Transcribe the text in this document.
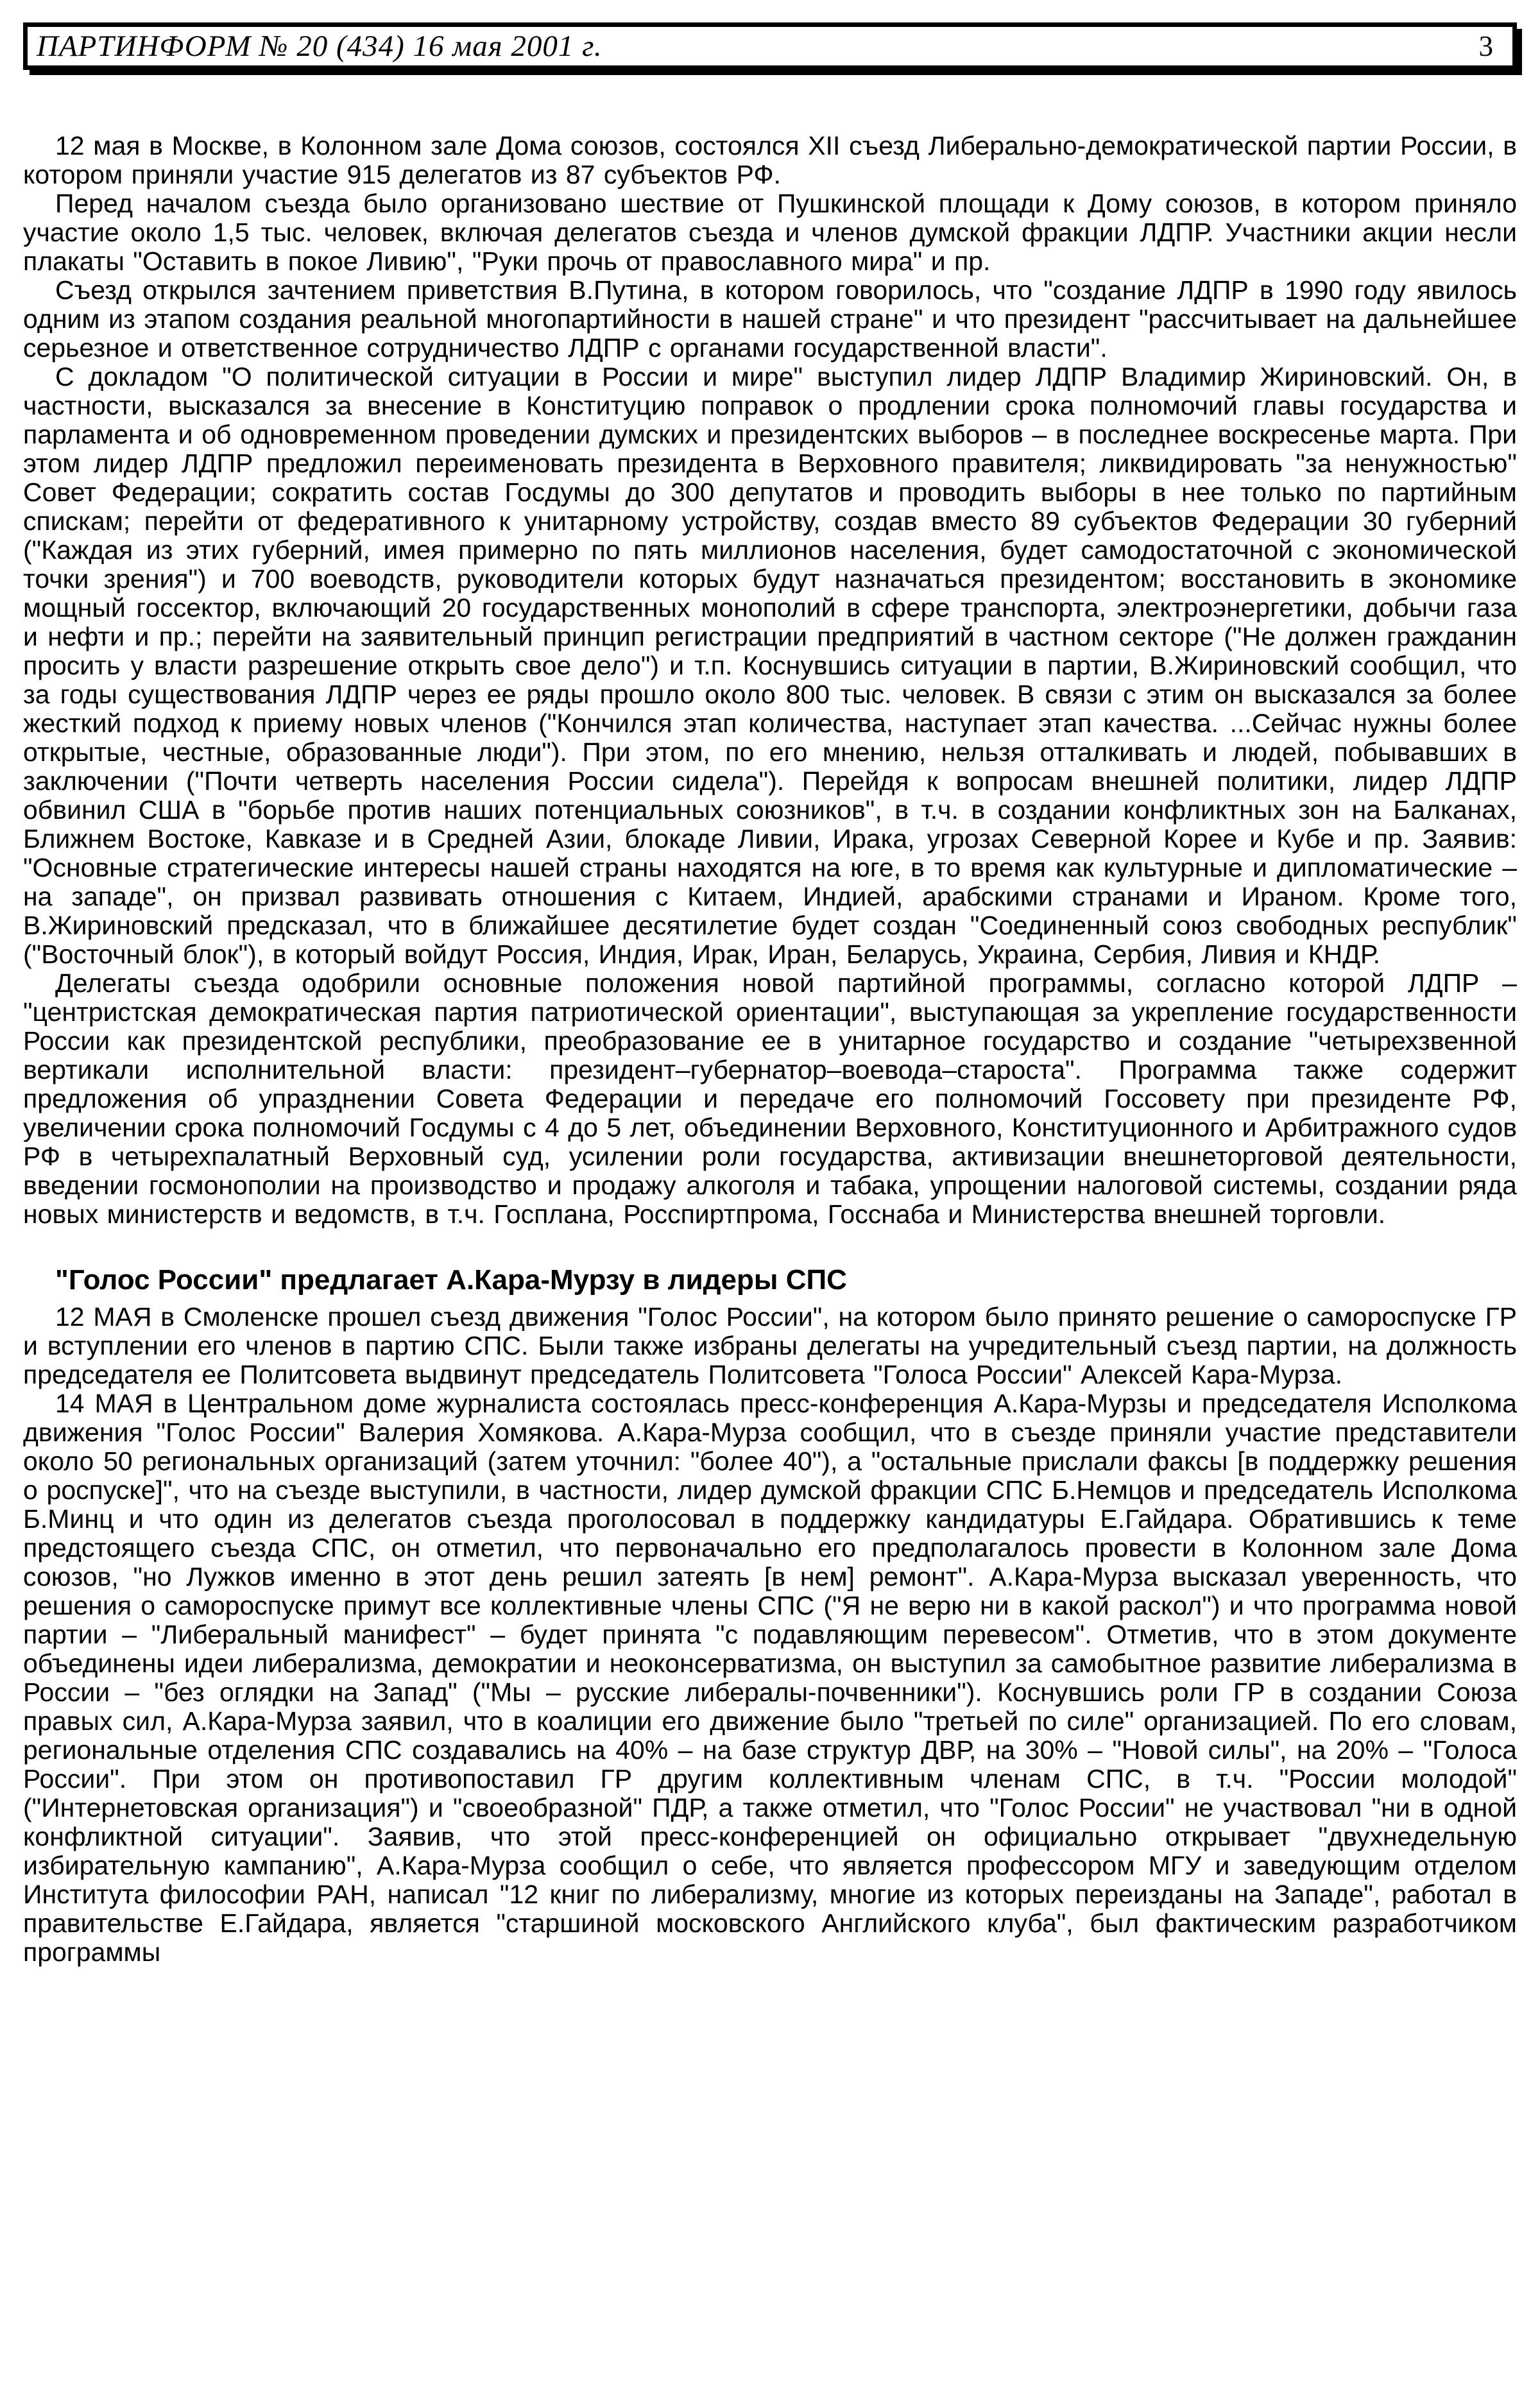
ПАРТИНФОРМ № 20 (434) 16 мая 2001 г.	3

12 мая в Москве, в Колонном зале Дома союзов, состоялся XII съезд Либерально-демократической партии России, в котором приняли участие 915 делегатов из 87 субъектов РФ.

Перед началом съезда было организовано шествие от Пушкинской площади к Дому союзов, в котором приняло участие около 1,5 тыс. человек, включая делегатов съезда и членов думской фракции ЛДПР. Участники акции несли плакаты "Оставить в покое Ливию", "Руки прочь от православного мира" и пр.

Съезд открылся зачтением приветствия В.Путина, в котором говорилось, что "создание ЛДПР в 1990 году явилось одним из этапом создания реальной многопартийности в нашей стране" и что президент "рассчитывает на дальнейшее серьезное и ответственное сотрудничество ЛДПР с органами государственной власти".

С докладом "О политической ситуации в России и мире" выступил лидер ЛДПР Владимир Жириновский. Он, в частности, высказался за внесение в Конституцию поправок о продлении срока полномочий главы государства и парламента и об одновременном проведении думских и президентских выборов – в последнее воскресенье марта. При этом лидер ЛДПР предложил переименовать президента в Верховного правителя; ликвидировать "за ненужностью" Совет Федерации; сократить состав Госдумы до 300 депутатов и проводить выборы в нее только по партийным спискам; перейти от федеративного к унитарному устройству, создав вместо 89 субъектов Федерации 30 губерний ("Каждая из этих губерний, имея примерно по пять миллионов населения, будет самодостаточной с экономической точки зрения") и 700 воеводств, руководители которых будут назначаться президентом; восстановить в экономике мощный госсектор, включающий 20 государственных монополий в сфере транспорта, электроэнергетики, добычи газа и нефти и пр.; перейти на заявительный принцип регистрации предприятий в частном секторе ("Не должен гражданин просить у власти разрешение открыть свое дело") и т.п. Коснувшись ситуации в партии, В.Жириновский сообщил, что за годы существования ЛДПР через ее ряды прошло около 800 тыс. человек. В связи с этим он высказался за более жесткий подход к приему новых членов ("Кончился этап количества, наступает этап качества. ...Сейчас нужны более открытые, честные, образованные люди"). При этом, по его мнению, нельзя отталкивать и людей, побывавших в заключении ("Почти четверть населения России сидела"). Перейдя к вопросам внешней политики, лидер ЛДПР обвинил США в "борьбе против наших потенциальных союзников", в т.ч. в создании конфликтных зон на Балканах, Ближнем Востоке, Кавказе и в Средней Азии, блокаде Ливии, Ирака, угрозах Северной Корее и Кубе и пр. Заявив: "Основные стратегические интересы нашей страны находятся на юге, в то время как культурные и дипломатические – на западе", он призвал развивать отношения с Китаем, Индией, арабскими странами и Ираном. Кроме того, В.Жириновский предсказал, что в ближайшее десятилетие будет создан "Соединенный союз свободных республик" ("Восточный блок"), в который войдут Россия, Индия, Ирак, Иран, Беларусь, Украина, Сербия, Ливия и КНДР.

Делегаты съезда одобрили основные положения новой партийной программы, согласно которой ЛДПР – "центристская демократическая партия патриотической ориентации", выступающая за укрепление государственности России как президентской республики, преобразование ее в унитарное государство и создание "четырехзвенной вертикали исполнительной власти: президент–губернатор–воевода–староста". Программа также содержит предложения об упразднении Совета Федерации и передаче его полномочий Госсовету при президенте РФ, увеличении срока полномочий Госдумы с 4 до 5 лет, объединении Верховного, Конституционного и Арбитражного судов РФ в четырехпалатный Верховный суд, усилении роли государства, активизации внешнеторговой деятельности, введении госмонополии на производство и продажу алкоголя и табака, упрощении налоговой системы, создании ряда новых министерств и ведомств, в т.ч. Госплана, Росспиртпрома, Госснаба и Министерства внешней торговли.

"Голос России" предлагает А.Кара-Мурзу в лидеры СПС

12 МАЯ в Смоленске прошел съезд движения "Голос России", на котором было принято решение о самороспуске ГР и вступлении его членов в партию СПС. Были также избраны делегаты на учредительный съезд партии, на должность председателя ее Политсовета выдвинут председатель Политсовета "Голоса России" Алексей Кара-Мурза.

14 МАЯ в Центральном доме журналиста состоялась пресс-конференция А.Кара-Мурзы и председателя Исполкома движения "Голос России" Валерия Хомякова. А.Кара-Мурза сообщил, что в съезде приняли участие представители около 50 региональных организаций (затем уточнил: "более 40"), а "остальные прислали факсы [в поддержку решения о роспуске]", что на съезде выступили, в частности, лидер думской фракции СПС Б.Немцов и председатель Исполкома Б.Минц и что один из делегатов съезда проголосовал в поддержку кандидатуры Е.Гайдара. Обратившись к теме предстоящего съезда СПС, он отметил, что первоначально его предполагалось провести в Колонном зале Дома союзов, "но Лужков именно в этот день решил затеять [в нем] ремонт". А.Кара-Мурза высказал уверенность, что решения о самороспуске примут все коллективные члены СПС ("Я не верю ни в какой раскол") и что программа новой партии – "Либеральный манифест" – будет принята "с подавляющим перевесом". Отметив, что в этом документе объединены идеи либерализма, демократии и неоконсерватизма, он выступил за самобытное развитие либерализма в России – "без оглядки на Запад" ("Мы – русские либералы-почвенники"). Коснувшись роли ГР в создании Союза правых сил, А.Кара-Мурза заявил, что в коалиции его движение было "третьей по силе" организацией. По его словам, региональные отделения СПС создавались на 40% – на базе структур ДВР, на 30% – "Новой силы", на 20% – "Голоса России". При этом он противопоставил ГР другим коллективным членам СПС, в т.ч. "России молодой" ("Интернетовская организация") и "своеобразной" ПДР, а также отметил, что "Голос России" не участвовал "ни в одной конфликтной ситуации". Заявив, что этой пресс-конференцией он официально открывает "двухнедельную избирательную кампанию", А.Кара-Мурза сообщил о себе, что является профессором МГУ и заведующим отделом Института философии РАН, написал "12 книг по либерализму, многие из которых переизданы на Западе", работал в правительстве Е.Гайдара, является "старшиной московского Английского клуба", был фактическим разработчиком программы
